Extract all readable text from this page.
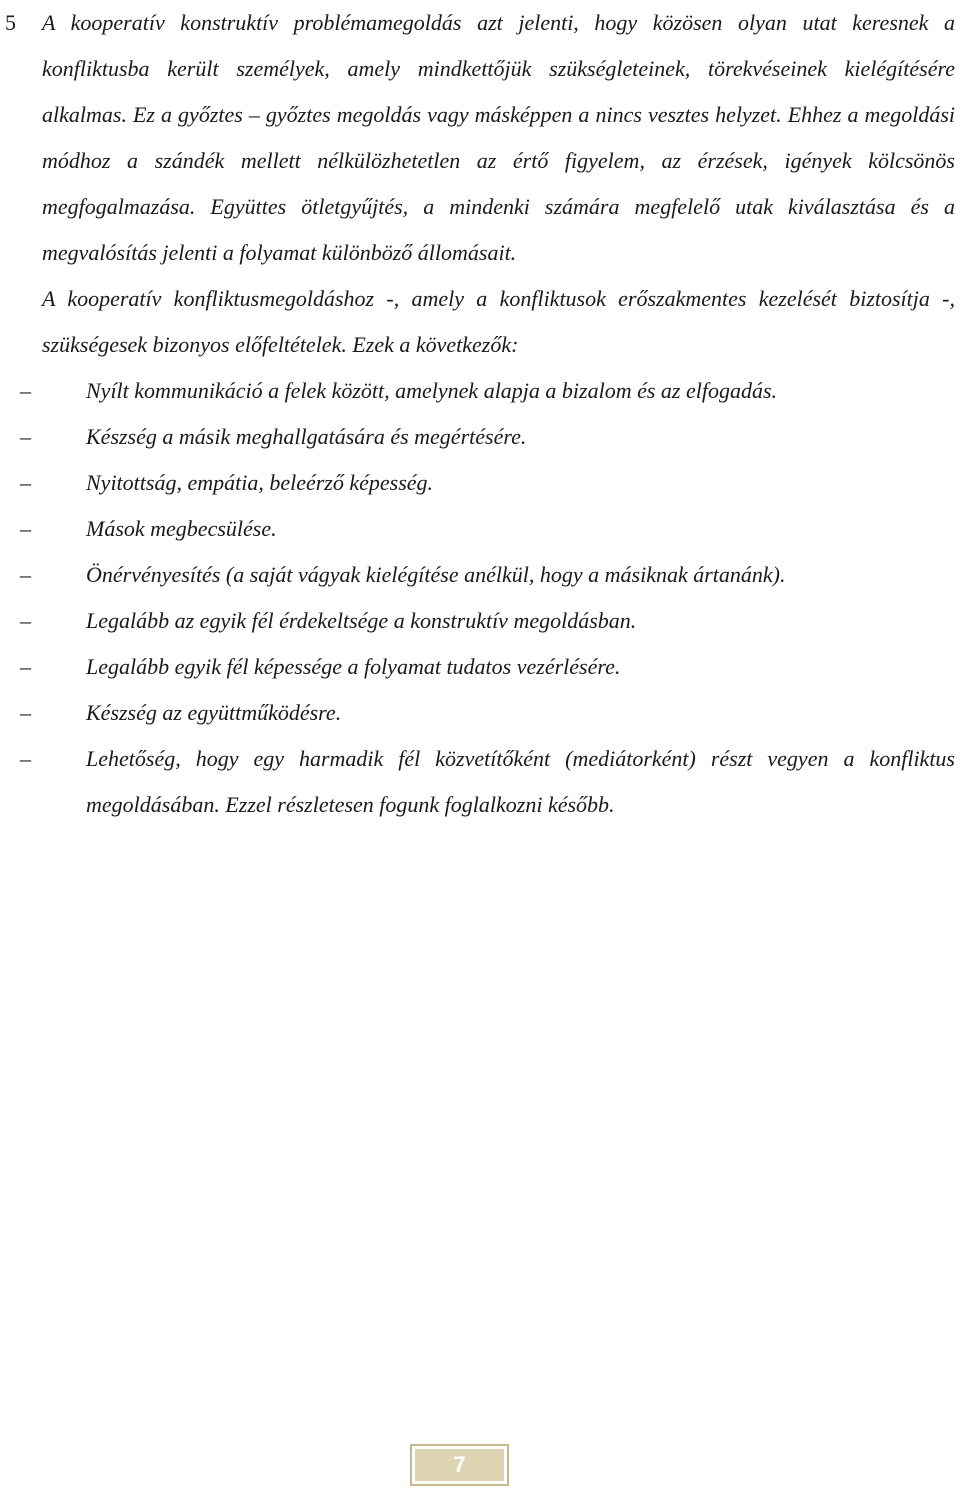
5 A kooperatív konstruktív problémamegoldás azt jelenti, hogy közösen olyan utat keresnek a konfliktusba került személyek, amely mindkettőjük szükségleteinek, törekvéseinek kielégítésére alkalmas. Ez a győztes – győztes megoldás vagy másképpen a nincs vesztes helyzet. Ehhez a megoldási módhoz a szándék mellett nélkülözhetetlen az értő figyelem, az érzések, igények kölcsönös megfogalmazása. Együttes ötletgyűjtés, a mindenki számára megfelelő utak kiválasztása és a megvalósítás jelenti a folyamat különböző állomásait.

A kooperatív konfliktusmegoldáshoz -, amely a konfliktusok erőszakmentes kezelését biztosítja -, szükségesek bizonyos előfeltételek. Ezek a következők:

–	Nyílt kommunikáció a felek között, amelynek alapja a bizalom és az elfogadás.
–	Készség a másik meghallgatására és megértésére.
–	Nyitottság, empátia, beleérző képesség.
–	Mások megbecsülése.
–	Önérvényesítés (a saját vágyak kielégítése anélkül, hogy a másiknak ártanánk).
–	Legalább az egyik fél érdekeltsége a konstruktív megoldásban.
–	Legalább egyik fél képessége a folyamat tudatos vezérlésére.
–	Készség az együttműködésre.
–	Lehetőség, hogy egy harmadik fél közvetítőként (mediátorként) részt vegyen a konfliktus megoldásában. Ezzel részletesen fogunk foglalkozni később.
7
